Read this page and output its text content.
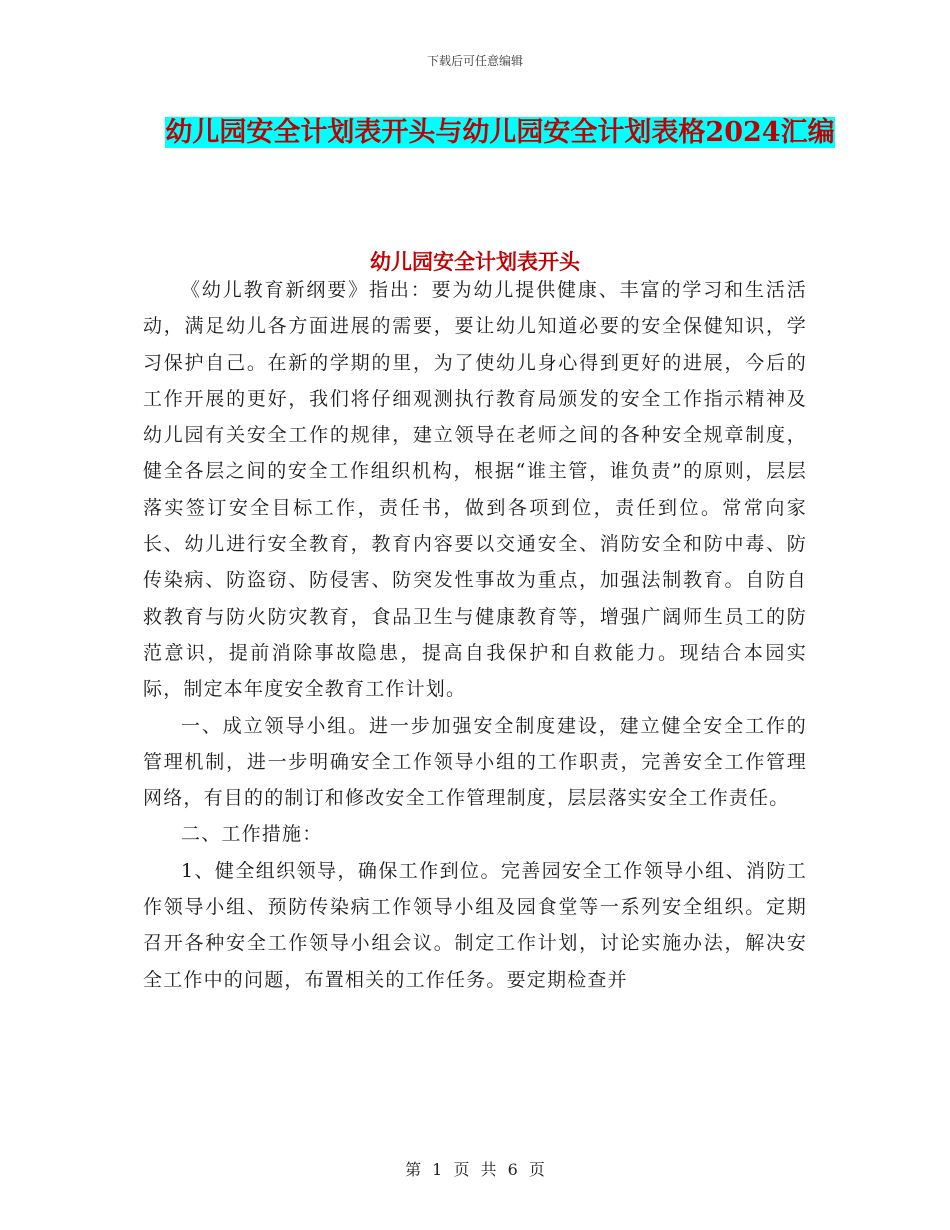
下载后可任意编辑
幼儿园安全计划表开头与幼儿园安全计划表格2024汇编
幼儿园安全计划表开头

《幼儿教育新纲要》指出：要为幼儿提供健康、丰富的学习和生活活动，满足幼儿各方面进展的需要，要让幼儿知道必要的安全保健知识，学习保护自己。在新的学期的里，为了使幼儿身心得到更好的进展，今后的工作开展的更好，我们将仔细观测执行教育局颁发的安全工作指示精神及幼儿园有关安全工作的规律，建立领导在老师之间的各种安全规章制度，健全各层之间的安全工作组织机构，根据“谁主管，谁负责”的原则，层层落实签订安全目标工作，责任书，做到各项到位，责任到位。常常向家长、幼儿进行安全教育，教育内容要以交通安全、消防安全和防中毒、防传染病、防盗窃、防侵害、防突发性事故为重点，加强法制教育。自防自救教育与防火防灾教育，食品卫生与健康教育等，增强广阔师生员工的防范意识，提前消除事故隐患，提高自我保护和自救能力。现结合本园实际，制定本年度安全教育工作计划。

一、成立领导小组。进一步加强安全制度建设，建立健全安全工作的管理机制，进一步明确安全工作领导小组的工作职责，完善安全工作管理网络，有目的的制订和修改安全工作管理制度，层层落实安全工作责任。

二、工作措施：

1、健全组织领导，确保工作到位。完善园安全工作领导小组、消防工作领导小组、预防传染病工作领导小组及园食堂等一系列安全组织。定期召开各种安全工作领导小组会议。制定工作计划，讨论实施办法，解决安全工作中的问题，布置相关的工作任务。要定期检查并

第 1 页 共 6 页
